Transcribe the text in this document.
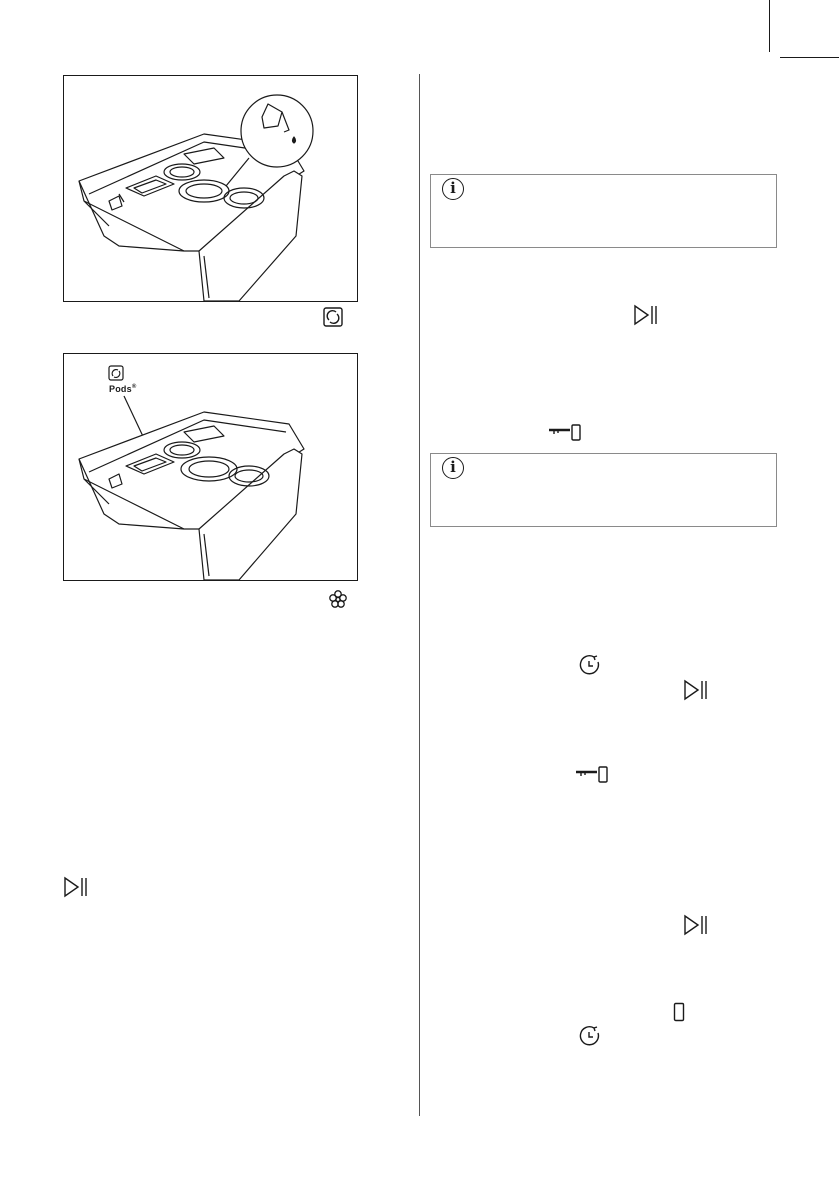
Pods®
i
i
